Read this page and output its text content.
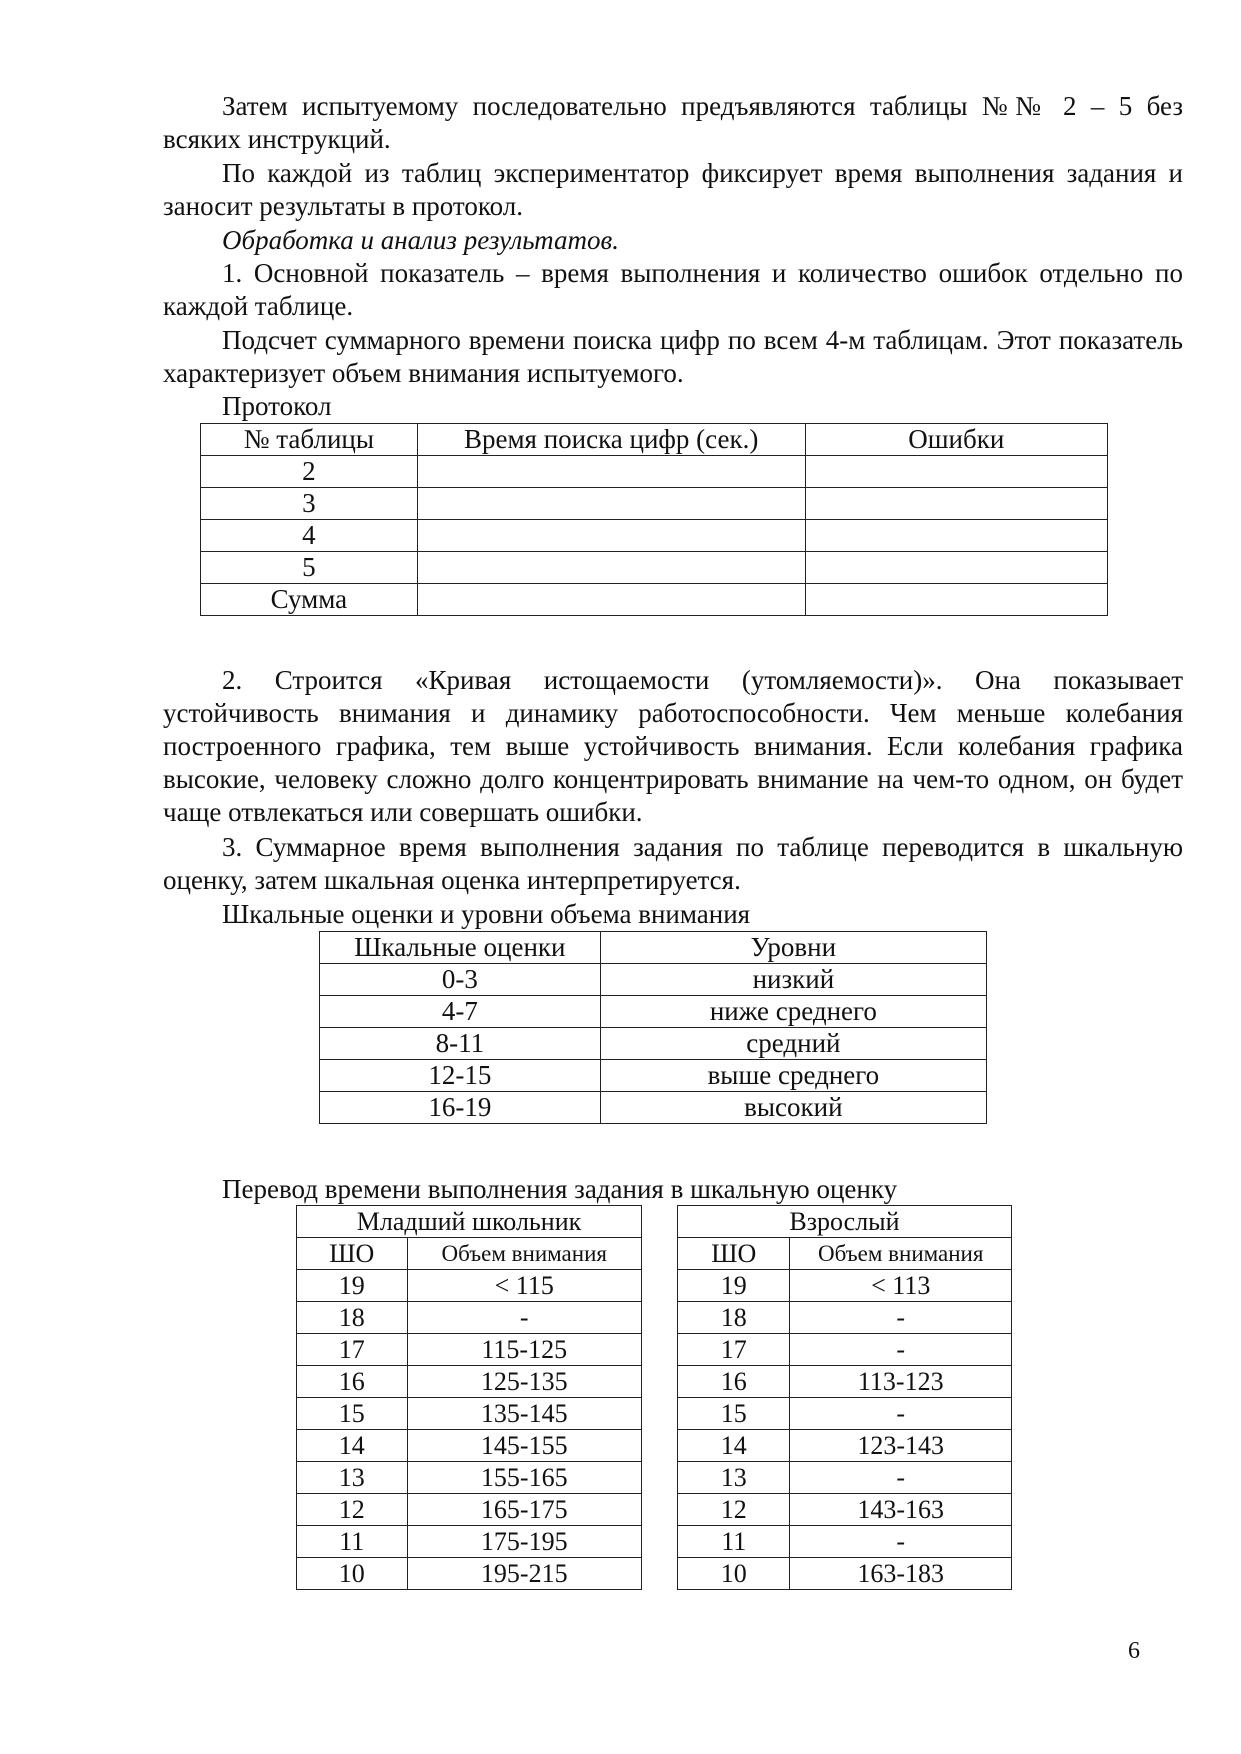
Затем испытуемому последовательно предъявляются таблицы №№ 2 – 5 без всяких инструкций.

По каждой из таблиц экспериментатор фиксирует время выполнения задания и заносит результаты в протокол.

Обработка и анализ результатов.

1. Основной показатель – время выполнения и количество ошибок отдельно по каждой таблице.

Подсчет суммарного времени поиска цифр по всем 4-м таблицам. Этот показатель характеризует объем внимания испытуемого.

Протокол

№ таблицы	Время поиска цифр (сек.)	Ошибки
2		
3		
4		
5		
Сумма		

2. Строится «Кривая истощаемости (утомляемости)». Она показывает устойчивость внимания и динамику работоспособности. Чем меньше колебания построенного графика, тем выше устойчивость внимания. Если колебания графика высокие, человеку сложно долго концентрировать внимание на чем-то одном, он будет чаще отвлекаться или совершать ошибки.

3. Суммарное время выполнения задания по таблице переводится в шкальную оценку, затем шкальная оценка интерпретируется.

Шкальные оценки и уровни объема внимания

Шкальные оценки	Уровни
0-3	низкий
4-7	ниже среднего
8-11	средний
12-15	выше среднего
16-19	высокий

Перевод времени выполнения задания в шкальную оценку

Младший школьник	
ШО	Объем внимания
19	< 115
18	-
17	115-125
16	125-135
15	135-145
14	145-155
13	155-165
12	165-175
11	175-195
10	195-215
Взрослый	
ШО	Объем внимания
19	< 113
18	-
17	-
16	113-123
15	-
14	123-143
13	-
12	143-163
11	-
10	163-183
6
